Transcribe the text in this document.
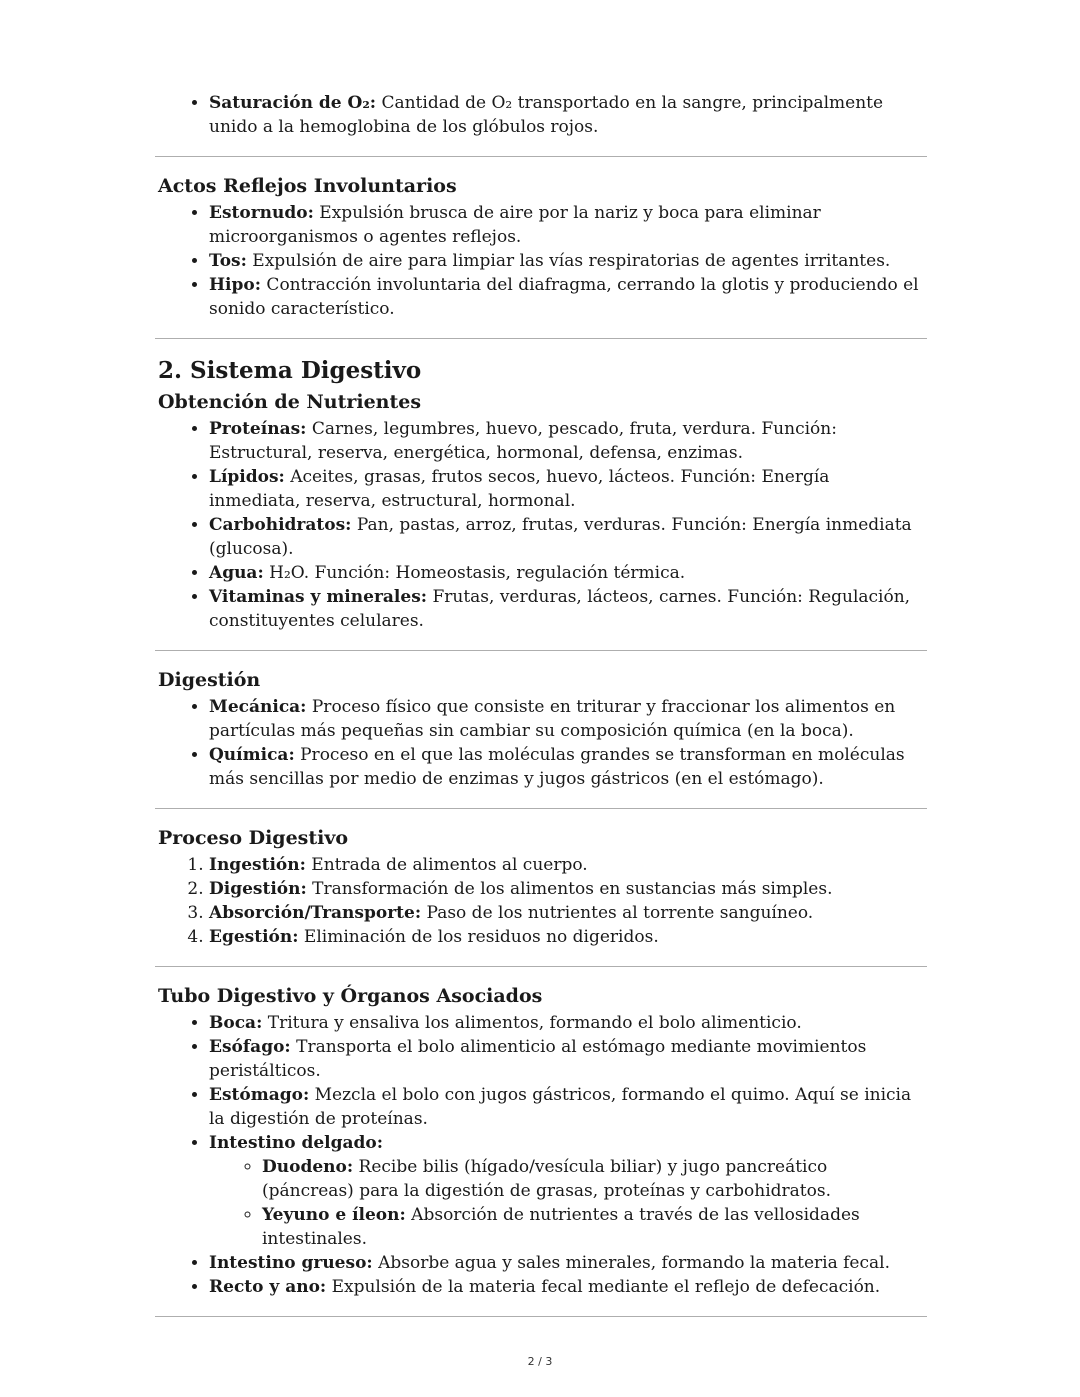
• Saturación de O₂: Cantidad de O₂ transportado en la sangre, principalmente unido a la hemoglobina de los glóbulos rojos.
Actos Reflejos Involuntarios
• Estornudo: Expulsión brusca de aire por la nariz y boca para eliminar microorganismos o agentes reflejos.
• Tos: Expulsión de aire para limpiar las vías respiratorias de agentes irritantes.
• Hipo: Contracción involuntaria del diafragma, cerrando la glotis y produciendo el sonido característico.
2. Sistema Digestivo
Obtención de Nutrientes
• Proteínas: Carnes, legumbres, huevo, pescado, fruta, verdura. Función: Estructural, reserva, energética, hormonal, defensa, enzimas.
• Lípidos: Aceites, grasas, frutos secos, huevo, lácteos. Función: Energía inmediata, reserva, estructural, hormonal.
• Carbohidratos: Pan, pastas, arroz, frutas, verduras. Función: Energía inmediata (glucosa).
• Agua: H₂O. Función: Homeostasis, regulación térmica.
• Vitaminas y minerales: Frutas, verduras, lácteos, carnes. Función: Regulación, constituyentes celulares.
Digestión
• Mecánica: Proceso físico que consiste en triturar y fraccionar los alimentos en partículas más pequeñas sin cambiar su composición química (en la boca).
• Química: Proceso en el que las moléculas grandes se transforman en moléculas más sencillas por medio de enzimas y jugos gástricos (en el estómago).
Proceso Digestivo
1. Ingestión: Entrada de alimentos al cuerpo.
2. Digestión: Transformación de los alimentos en sustancias más simples.
3. Absorción/Transporte: Paso de los nutrientes al torrente sanguíneo.
4. Egestión: Eliminación de los residuos no digeridos.
Tubo Digestivo y Órganos Asociados
• Boca: Tritura y ensaliva los alimentos, formando el bolo alimenticio.
• Esófago: Transporta el bolo alimenticio al estómago mediante movimientos peristálticos.
• Estómago: Mezcla el bolo con jugos gástricos, formando el quimo. Aquí se inicia la digestión de proteínas.
• Intestino delgado:
◦ Duodeno: Recibe bilis (hígado/vesícula biliar) y jugo pancreático (páncreas) para la digestión de grasas, proteínas y carbohidratos.
◦ Yeyuno e íleon: Absorción de nutrientes a través de las vellosidades intestinales.
• Intestino grueso: Absorbe agua y sales minerales, formando la materia fecal.
• Recto y ano: Expulsión de la materia fecal mediante el reflejo de defecación.
2 / 3
